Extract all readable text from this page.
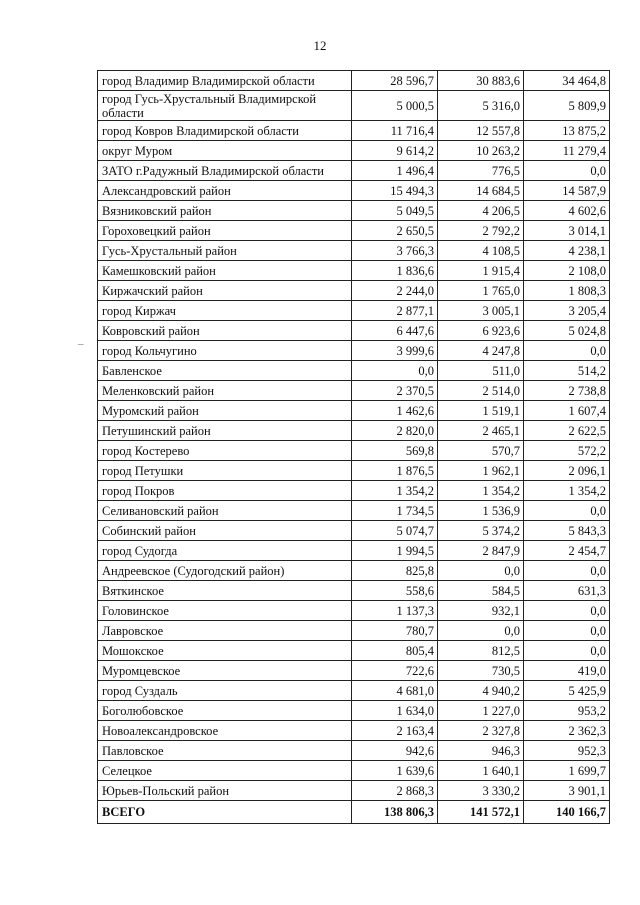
12
–
город Владимир Владимирской области	28 596,7	30 883,6	34 464,8
город Гусь-Хрустальный Владимирской области	5 000,5	5 316,0	5 809,9
город Ковров Владимирской области	11 716,4	12 557,8	13 875,2
округ Муром	9 614,2	10 263,2	11 279,4
ЗАТО г.Радужный Владимирской области	1 496,4	776,5	0,0
Александровский район	15 494,3	14 684,5	14 587,9
Вязниковский район	5 049,5	4 206,5	4 602,6
Гороховецкий район	2 650,5	2 792,2	3 014,1
Гусь-Хрустальный район	3 766,3	4 108,5	4 238,1
Камешковский район	1 836,6	1 915,4	2 108,0
Киржачский район	2 244,0	1 765,0	1 808,3
город Киржач	2 877,1	3 005,1	3 205,4
Ковровский район	6 447,6	6 923,6	5 024,8
город Кольчугино	3 999,6	4 247,8	0,0
Бавленское	0,0	511,0	514,2
Меленковский район	2 370,5	2 514,0	2 738,8
Муромский район	1 462,6	1 519,1	1 607,4
Петушинский район	2 820,0	2 465,1	2 622,5
город Костерево	569,8	570,7	572,2
город Петушки	1 876,5	1 962,1	2 096,1
город Покров	1 354,2	1 354,2	1 354,2
Селивановский район	1 734,5	1 536,9	0,0
Собинский район	5 074,7	5 374,2	5 843,3
город Судогда	1 994,5	2 847,9	2 454,7
Андреевское (Судогодский район)	825,8	0,0	0,0
Вяткинское	558,6	584,5	631,3
Головинское	1 137,3	932,1	0,0
Лавровское	780,7	0,0	0,0
Мошокское	805,4	812,5	0,0
Муромцевское	722,6	730,5	419,0
город Суздаль	4 681,0	4 940,2	5 425,9
Боголюбовское	1 634,0	1 227,0	953,2
Новоалександровское	2 163,4	2 327,8	2 362,3
Павловское	942,6	946,3	952,3
Селецкое	1 639,6	1 640,1	1 699,7
Юрьев-Польский район	2 868,3	3 330,2	3 901,1
ВСЕГО	138 806,3	141 572,1	140 166,7
